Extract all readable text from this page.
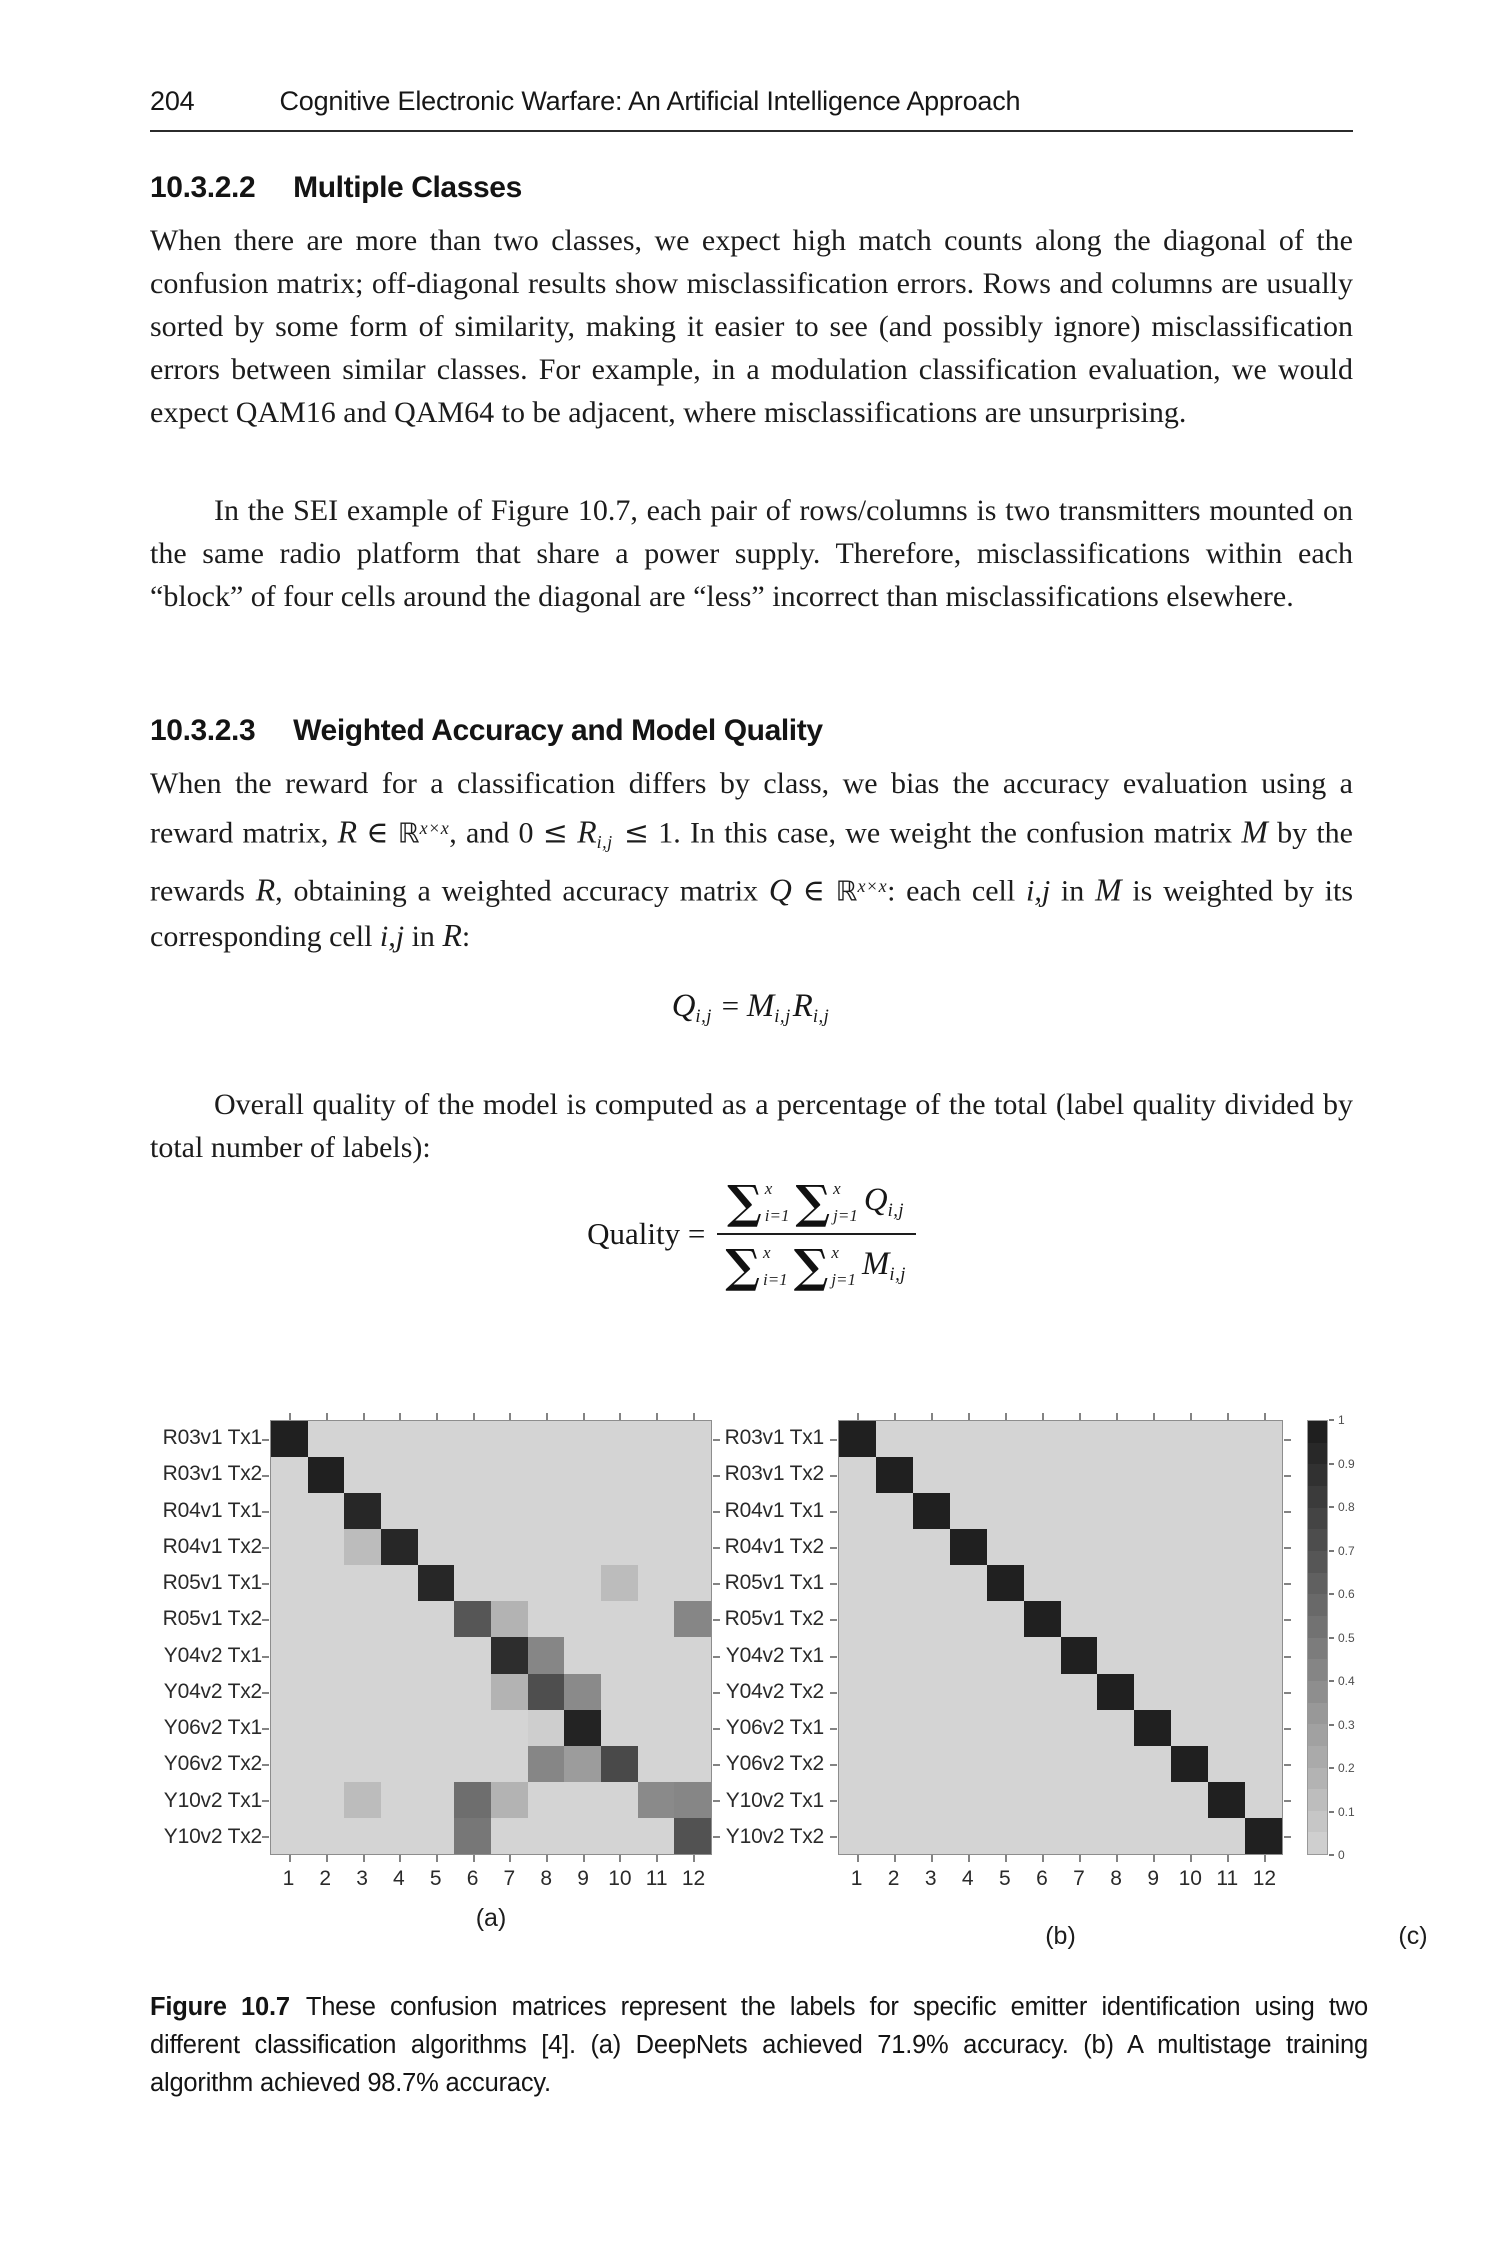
204	Cognitive Electronic Warfare: An Artificial Intelligence Approach
10.3.2.2 Multiple Classes

When there are more than two classes, we expect high match counts along the diagonal of the confusion matrix; off-diagonal results show misclassification errors. Rows and columns are usually sorted by some form of similarity, making it easier to see (and possibly ignore) misclassification errors between similar classes. For example, in a modulation classification evaluation, we would expect QAM16 and QAM64 to be adjacent, where misclassifications are unsurprising.

In the SEI example of Figure 10.7, each pair of rows/columns is two transmitters mounted on the same radio platform that share a power supply. Therefore, misclassifications within each “block” of four cells around the diagonal are “less” incorrect than misclassifications elsewhere.

10.3.2.3 Weighted Accuracy and Model Quality

When the reward for a classification differs by class, we bias the accuracy evaluation using a reward matrix, R ∈ ℝ$^{x\times x}$, and $0 \le R_{i,j} \le 1$. In this case, we weight the confusion matrix M by the rewards R, obtaining a weighted accuracy matrix Q ∈ ℝ$^{x\times x}$: each cell i,j in M is weighted by its corresponding cell i,j in R:

$Q_{i,j} = M_{i,j}R_{i,j}$

Overall quality of the model is computed as a percentage of the total (label quality divided by total number of labels):

Quality =
∑ x
i=1 ∑ x
j=1 $Q_{i,j}$
∑ x
i=1 ∑ x
j=1 $M_{i,j}$
R03v1 Tx1
R03v1 Tx2
R04v1 Tx1
R04v1 Tx2
R05v1 Tx1
R05v1 Tx2
Y04v2 Tx1
Y04v2 Tx2
Y06v2 Tx1
Y06v2 Tx2
Y10v2 Tx1
Y10v2 Tx2
1	2	3	4	5	6	7	8	9 10 11 12
(a)
R03v1 Tx1
R03v1 Tx2
R04v1 Tx1
R04v1 Tx2
R05v1 Tx1
R05v1 Tx2
Y04v2 Tx1
Y04v2 Tx2
Y06v2 Tx1
Y06v2 Tx2
Y10v2 Tx1
Y10v2 Tx2
1	2	3	4	5	6	7	8	9 10 11 12
(b)
1
0.9
0.8
0.7
0.6
0.5
0.4
0.3
0.2
0.1
0
(c)

Figure 10.7 These confusion matrices represent the labels for specific emitter identification using two different classification algorithms [4]. (a) DeepNets achieved 71.9% accuracy. (b) A multistage training algorithm achieved 98.7% accuracy.
